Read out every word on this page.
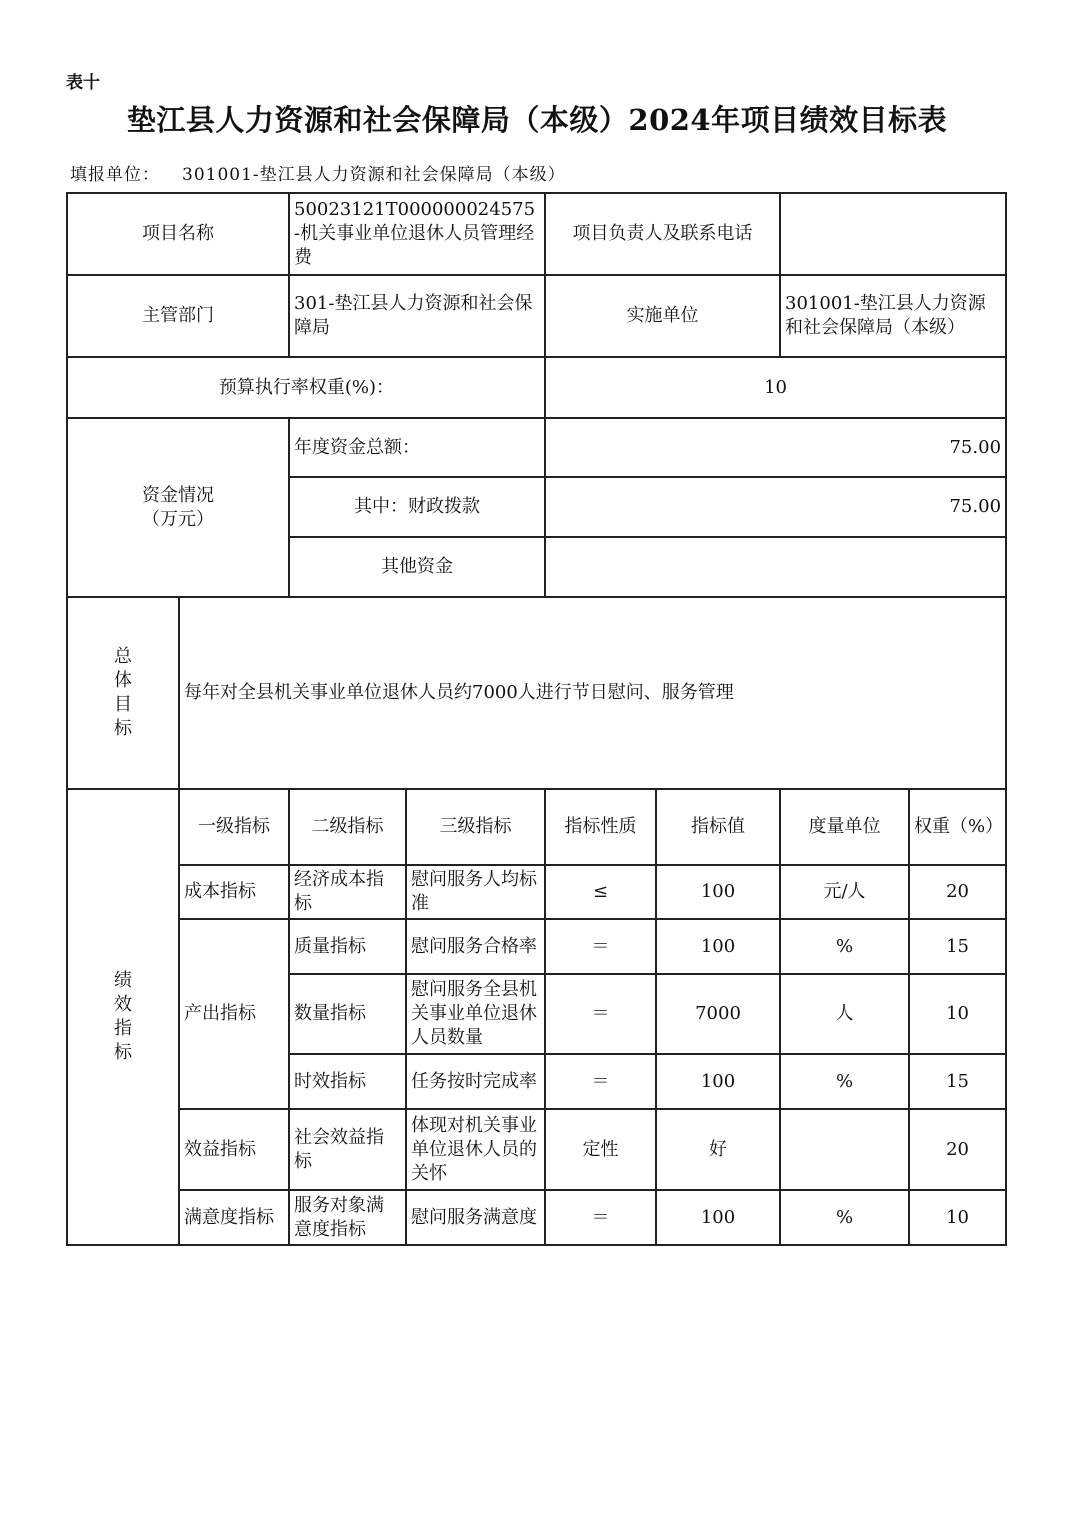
表十
垫江县人力资源和社会保障局（本级）2024年项目绩效目标表
填报单位： 301001-垫江县人力资源和社会保障局（本级）
项目名称		50023121T000000024575-机关事业单位退休人员管理经费		项目负责人及联系电话			
主管部门		301-垫江县人力资源和社会保障局		实施单位		301001-垫江县人力资源和社会保障局（本级）	
预算执行率权重(%)：				10			

资金情况
（万元）		年度资金总额：		75.00			
		其中：财政拨款		75.00			
		其他资金					
总体目标	每年对全县机关事业单位退休人员约7000人进行节日慰问、服务管理						
绩效指标	一级指标	二级指标	三级指标	指标性质	指标值	度量单位	权重（%）
	成本指标	经济成本指标	慰问服务人均标准	≤	100	元/人	20
	产出指标	质量指标	慰问服务合格率	＝	100	%	15
		数量指标	慰问服务全县机关事业单位退休人员数量	＝	7000	人	10
		时效指标	任务按时完成率	＝	100	%	15
	效益指标	社会效益指标	体现对机关事业单位退休人员的关怀	定性	好		20
	满意度指标	服务对象满意度指标	慰问服务满意度	＝	100	%	10
